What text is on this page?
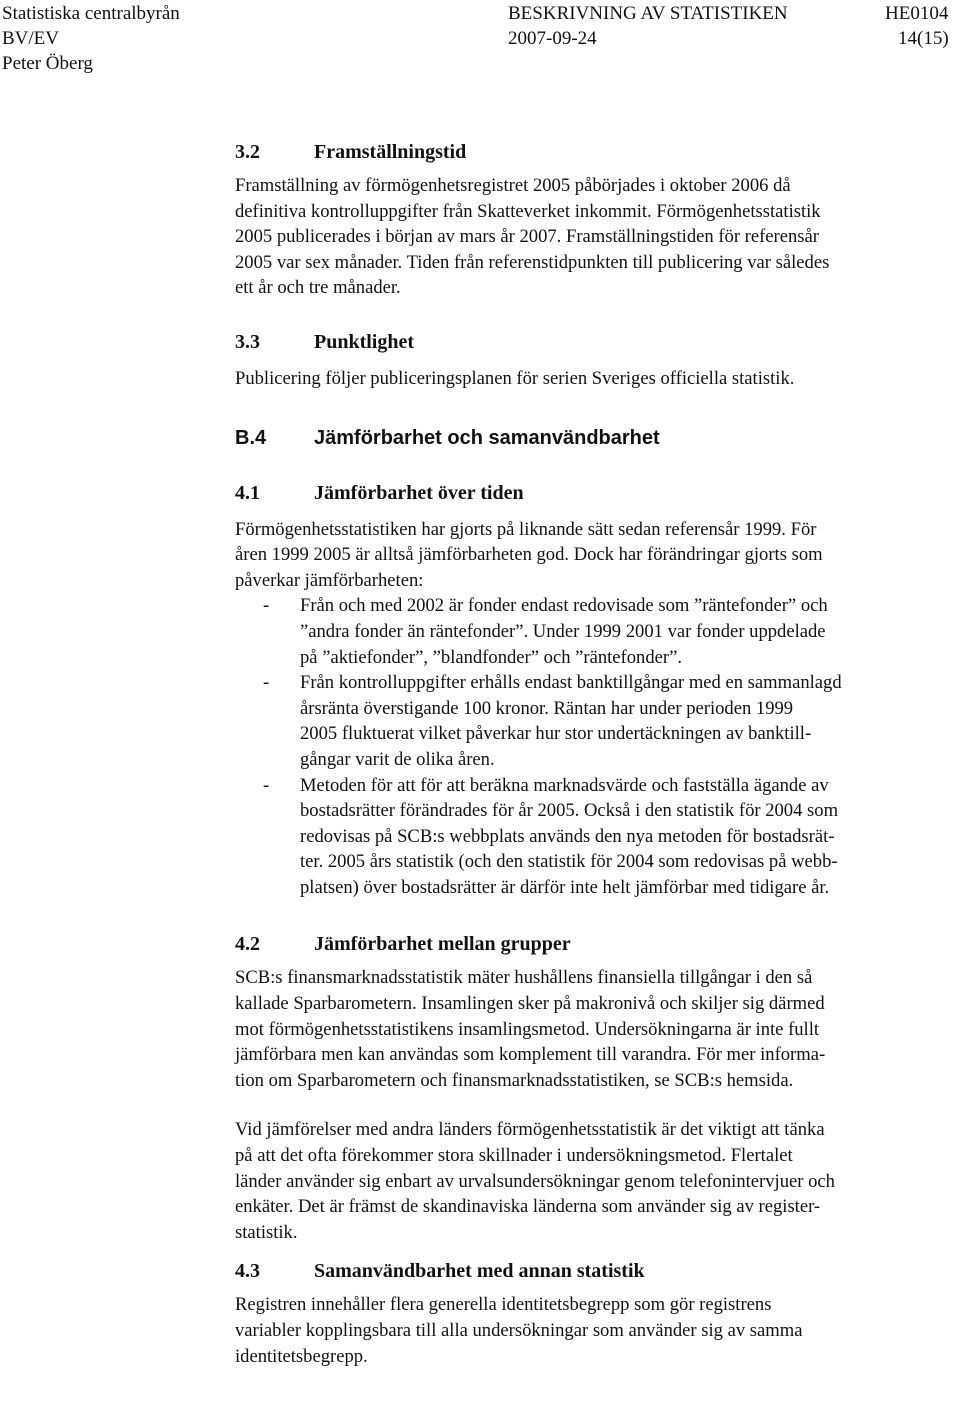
Statistiska centralbyrån	BESKRIVNING AV STATISTIKEN	HE0104
BV/EV	2007-09-24	14(15)
Peter Öberg
3.2	Framställningstid

Framställning av förmögenhetsregistret 2005 påbörjades i oktober 2006 då
definitiva kontrolluppgifter från Skatteverket inkommit. Förmögenhetsstatistik
2005 publicerades i början av mars år 2007. Framställningstiden för referensår
2005 var sex månader. Tiden från referenstidpunkten till publicering var således
ett år och tre månader.

3.3	Punktlighet

Publicering följer publiceringsplanen för serien Sveriges officiella statistik.

B.4 Jämförbarhet och samanvändbarhet
4.1	Jämförbarhet över tiden

Förmögenhetsstatistiken har gjorts på liknande sätt sedan referensår 1999. För
åren 1999 2005 är alltså jämförbarheten god. Dock har förändringar gjorts som
påverkar jämförbarheten:

- Från och med 2002 är fonder endast redovisade som ”räntefonder” och
”andra fonder än räntefonder”. Under 1999 2001 var fonder uppdelade
på ”aktiefonder”, ”blandfonder” och ”räntefonder”.
- Från kontrolluppgifter erhålls endast banktillgångar med en sammanlagd
årsränta överstigande 100 kronor. Räntan har under perioden 1999
2005 fluktuerat vilket påverkar hur stor undertäckningen av banktill-
gångar varit de olika åren.
- Metoden för att för att beräkna marknadsvärde och fastställa ägande av
bostadsrätter förändrades för år 2005. Också i den statistik för 2004 som
redovisas på SCB:s webbplats används den nya metoden för bostadsrät-
ter. 2005 års statistik (och den statistik för 2004 som redovisas på webb-
platsen) över bostadsrätter är därför inte helt jämförbar med tidigare år.
4.2	Jämförbarhet mellan grupper

SCB:s finansmarknadsstatistik mäter hushållens finansiella tillgångar i den så
kallade Sparbarometern. Insamlingen sker på makronivå och skiljer sig därmed
mot förmögenhetsstatistikens insamlingsmetod. Undersökningarna är inte fullt
jämförbara men kan användas som komplement till varandra. För mer informa-
tion om Sparbarometern och finansmarknadsstatistiken, se SCB:s hemsida.

Vid jämförelser med andra länders förmögenhetsstatistik är det viktigt att tänka
på att det ofta förekommer stora skillnader i undersökningsmetod. Flertalet
länder använder sig enbart av urvalsundersökningar genom telefonintervjuer och
enkäter. Det är främst de skandinaviska länderna som använder sig av register-
statistik.

4.3	Samanvändbarhet med annan statistik

Registren innehåller flera generella identitetsbegrepp som gör registrens
variabler kopplingsbara till alla undersökningar som använder sig av samma
identitetsbegrepp.
